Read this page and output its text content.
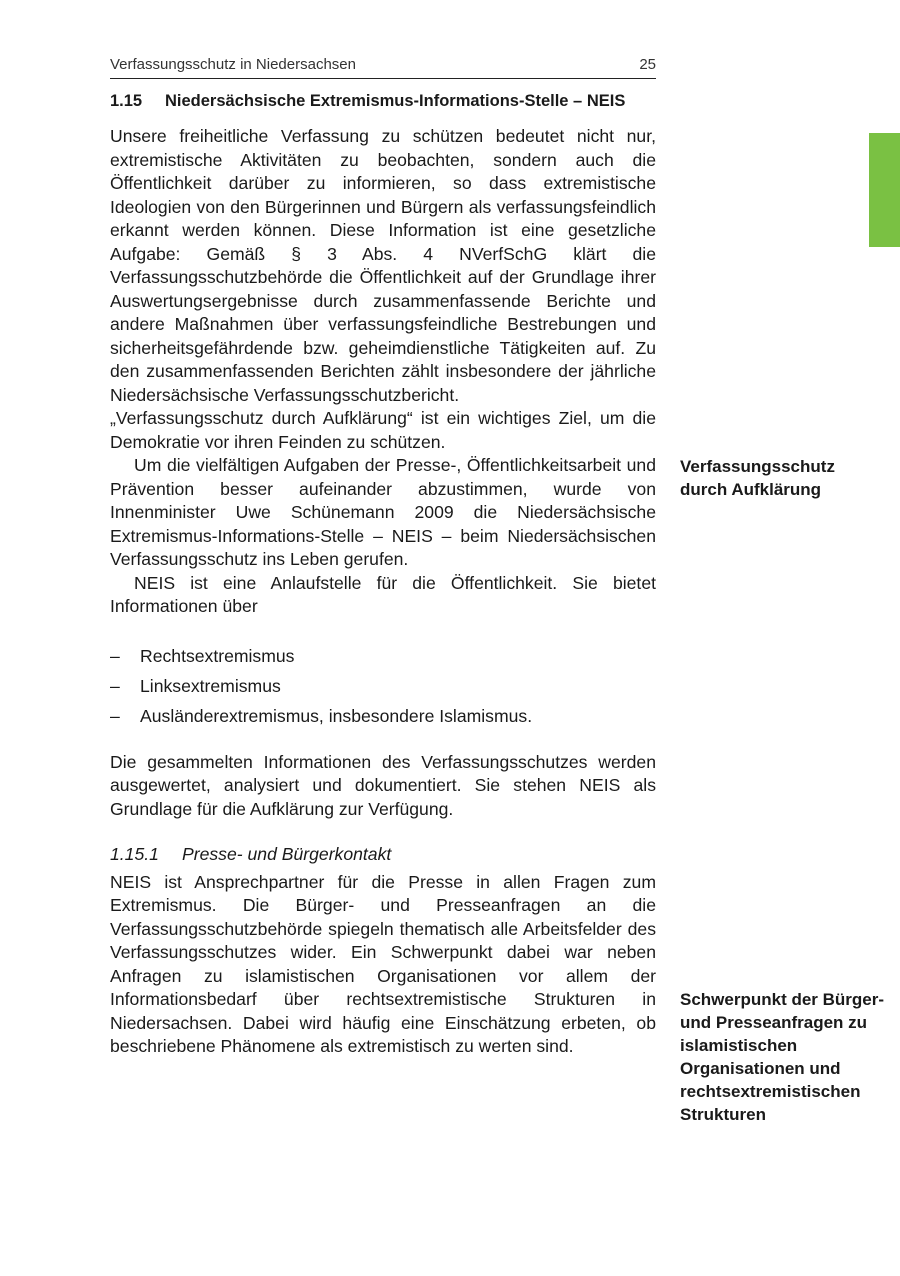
Verfassungsschutz in Niedersachsen	25
1.15	Niedersächsische Extremismus-Informations-Stelle – NEIS

Unsere freiheitliche Verfassung zu schützen bedeutet nicht nur, extremistische Aktivitäten zu beobachten, sondern auch die Öffentlichkeit darüber zu informieren, so dass extremistische Ideologien von den Bürgerinnen und Bürgern als verfassungsfeindlich erkannt werden können. Diese Information ist eine gesetzliche Aufgabe: Gemäß § 3 Abs. 4 NVerfSchG klärt die Verfassungsschutzbehörde die Öffentlichkeit auf der Grundlage ihrer Auswertungsergebnisse durch zusammenfassende Berichte und andere Maßnahmen über verfassungsfeindliche Bestrebungen und sicherheitsgefährdende bzw. geheimdienstliche Tätigkeiten auf. Zu den zusammenfassenden Berichten zählt insbesondere der jährliche Niedersächsische Verfassungsschutzbericht.

„Verfassungsschutz durch Aufklärung“ ist ein wichtiges Ziel, um die Demokratie vor ihren Feinden zu schützen.

Um die vielfältigen Aufgaben der Presse-, Öffentlichkeitsarbeit und Prävention besser aufeinander abzustimmen, wurde von Innenminister Uwe Schünemann 2009 die Niedersächsische Extremismus-Informations-Stelle – NEIS – beim Niedersächsischen Verfassungsschutz ins Leben gerufen.

NEIS ist eine Anlaufstelle für die Öffentlichkeit. Sie bietet Informationen über

–	Rechtsextremismus
–	Linksextremismus
–	Ausländerextremismus, insbesondere Islamismus.

Die gesammelten Informationen des Verfassungsschutzes werden ausgewertet, analysiert und dokumentiert. Sie stehen NEIS als Grundlage für die Aufklärung zur Verfügung.

1.15.1	Presse- und Bürgerkontakt

NEIS ist Ansprechpartner für die Presse in allen Fragen zum Extremismus. Die Bürger- und Presseanfragen an die Verfassungsschutzbehörde spiegeln thematisch alle Arbeitsfelder des Verfassungsschutzes wider. Ein Schwerpunkt dabei war neben Anfragen zu islamistischen Organisationen vor allem der Informationsbedarf über rechtsextremistische Strukturen in Niedersachsen. Dabei wird häufig eine Einschätzung erbeten, ob beschriebene Phänomene als extremistisch zu werten sind.

Verfassungsschutz durch Aufklärung
Schwerpunkt der Bürger- und Presseanfragen zu islamistischen Organisationen und rechtsextremistischen Strukturen
